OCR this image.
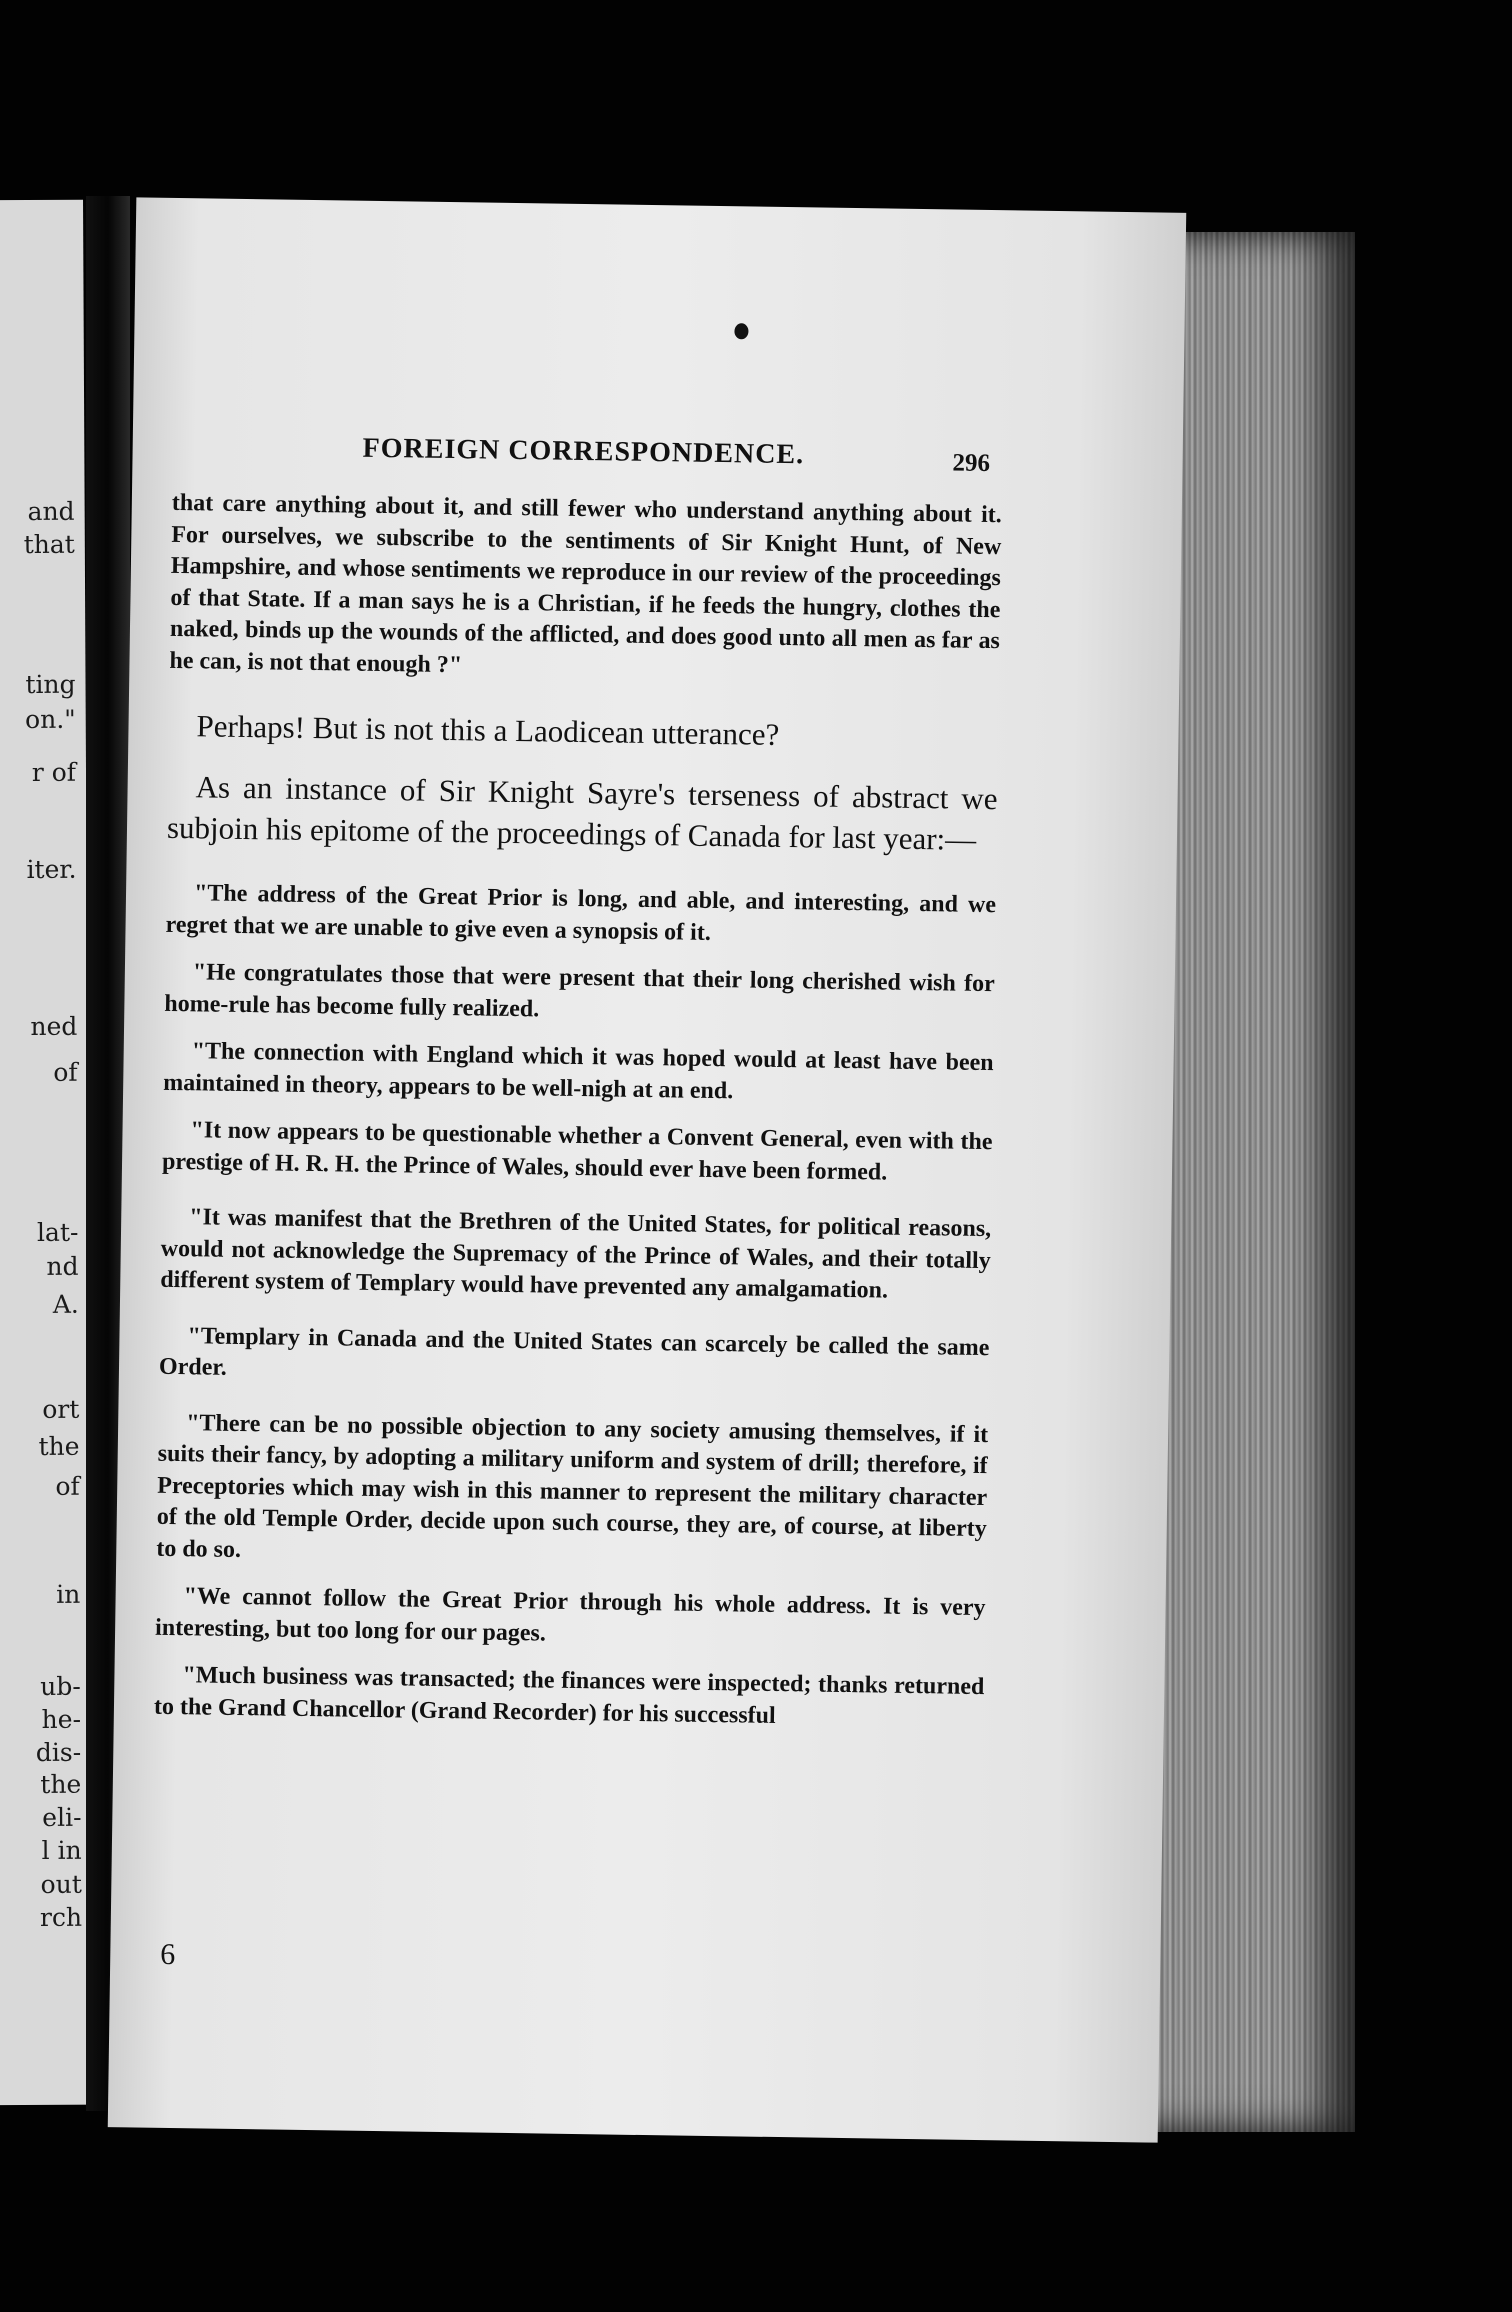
and
that
ting
on."
r of
iter.
ned
of
lat-
nd
A.
ort
the
of
in
ub-
he-
dis-
the
eli-
l in
out
rch
FOREIGN CORRESPONDENCE.	296

that care anything about it, and still fewer who understand anything about it. For ourselves, we subscribe to the sentiments of Sir Knight Hunt, of New Hampshire, and whose sentiments we reproduce in our review of the proceedings of that State. If a man says he is a Christian, if he feeds the hungry, clothes the naked, binds up the wounds of the afflicted, and does good unto all men as far as he can, is not that enough ?"

Perhaps! But is not this a Laodicean utterance?

As an instance of Sir Knight Sayre's terseness of abstract we subjoin his epitome of the proceedings of Canada for last year:—

"The address of the Great Prior is long, and able, and interesting, and we regret that we are unable to give even a synopsis of it.

"He congratulates those that were present that their long cherished wish for home-rule has become fully realized.

"The connection with England which it was hoped would at least have been maintained in theory, appears to be well-nigh at an end.

"It now appears to be questionable whether a Convent General, even with the prestige of H. R. H. the Prince of Wales, should ever have been formed.

"It was manifest that the Brethren of the United States, for political reasons, would not acknowledge the Supremacy of the Prince of Wales, and their totally different system of Templary would have prevented any amalgamation.

"Templary in Canada and the United States can scarcely be called the same Order.

"There can be no possible objection to any society amusing themselves, if it suits their fancy, by adopting a military uniform and system of drill; therefore, if Preceptories which may wish in this manner to represent the military character of the old Temple Order, decide upon such course, they are, of course, at liberty to do so.

"We cannot follow the Great Prior through his whole address. It is very interesting, but too long for our pages.

"Much business was transacted; the finances were inspected; thanks returned to the Grand Chancellor (Grand Recorder) for his successful

6
